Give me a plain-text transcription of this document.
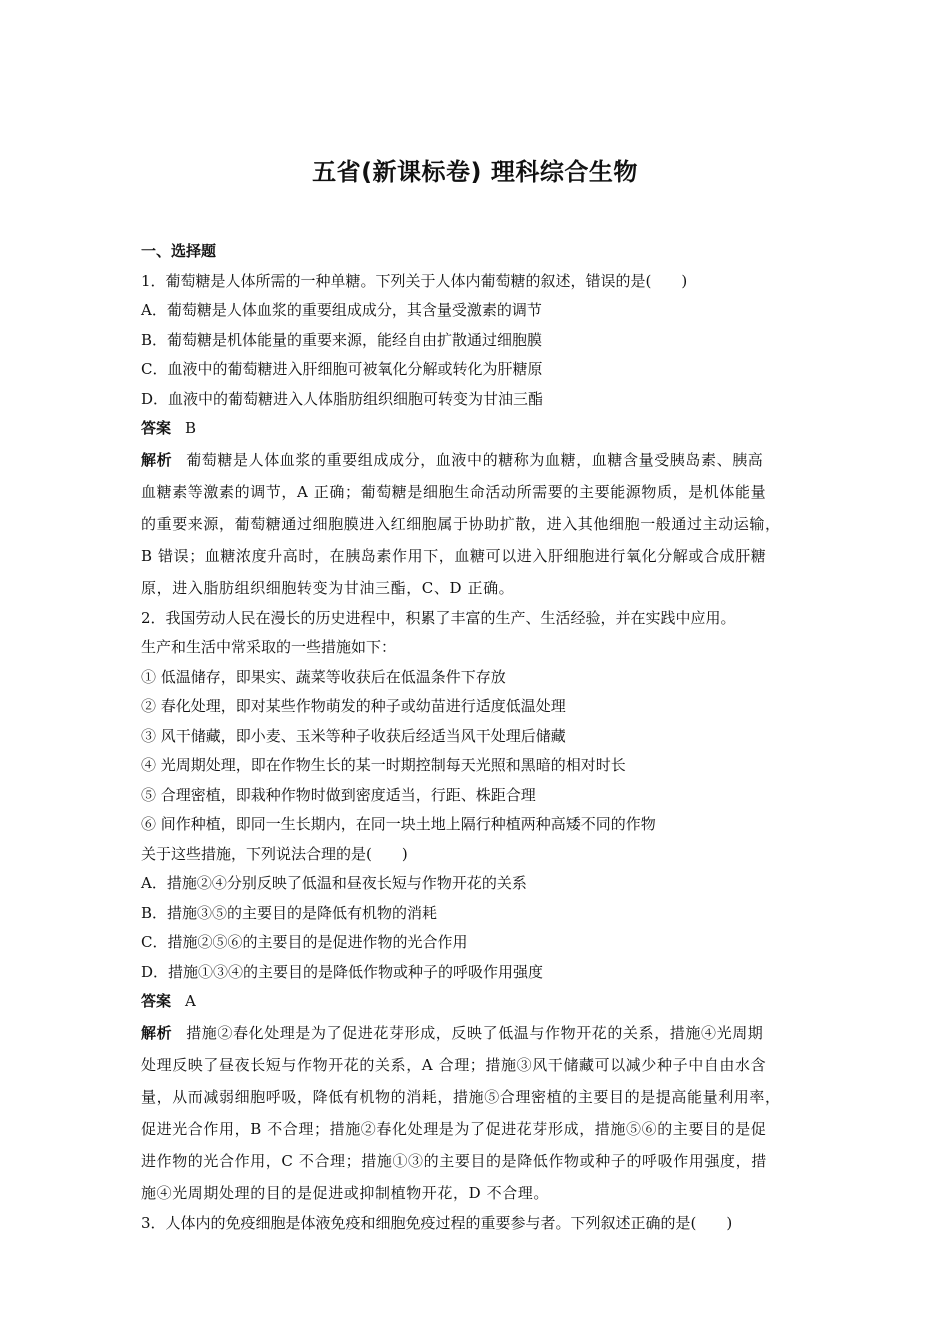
五省(新课标卷) 理科综合生物
一、选择题
1．葡萄糖是人体所需的一种单糖。下列关于人体内葡萄糖的叙述，错误的是(　　)
A．葡萄糖是人体血浆的重要组成成分，其含量受激素的调节
B．葡萄糖是机体能量的重要来源，能经自由扩散通过细胞膜
C．血液中的葡萄糖进入肝细胞可被氧化分解或转化为肝糖原
D．血液中的葡萄糖进入人体脂肪组织细胞可转变为甘油三酯
答案 B
解析 葡萄糖是人体血浆的重要组成成分，血液中的糖称为血糖，血糖含量受胰岛素、胰高
血糖素等激素的调节，A 正确；葡萄糖是细胞生命活动所需要的主要能源物质，是机体能量
的重要来源，葡萄糖通过细胞膜进入红细胞属于协助扩散，进入其他细胞一般通过主动运输，
B 错误；血糖浓度升高时，在胰岛素作用下，血糖可以进入肝细胞进行氧化分解或合成肝糖
原，进入脂肪组织细胞转变为甘油三酯，C、D 正确。
2．我国劳动人民在漫长的历史进程中，积累了丰富的生产、生活经验，并在实践中应用。
生产和生活中常采取的一些措施如下：
① 低温储存，即果实、蔬菜等收获后在低温条件下存放
② 春化处理，即对某些作物萌发的种子或幼苗进行适度低温处理
③ 风干储藏，即小麦、玉米等种子收获后经适当风干处理后储藏
④ 光周期处理，即在作物生长的某一时期控制每天光照和黑暗的相对时长
⑤ 合理密植，即栽种作物时做到密度适当，行距、株距合理
⑥ 间作种植，即同一生长期内，在同一块土地上隔行种植两种高矮不同的作物
关于这些措施，下列说法合理的是(　　)
A．措施②④分别反映了低温和昼夜长短与作物开花的关系
B．措施③⑤的主要目的是降低有机物的消耗
C．措施②⑤⑥的主要目的是促进作物的光合作用
D．措施①③④的主要目的是降低作物或种子的呼吸作用强度
答案 A
解析 措施②春化处理是为了促进花芽形成，反映了低温与作物开花的关系，措施④光周期
处理反映了昼夜长短与作物开花的关系，A 合理；措施③风干储藏可以减少种子中自由水含
量，从而减弱细胞呼吸，降低有机物的消耗，措施⑤合理密植的主要目的是提高能量利用率，
促进光合作用，B 不合理；措施②春化处理是为了促进花芽形成，措施⑤⑥的主要目的是促
进作物的光合作用，C 不合理；措施①③的主要目的是降低作物或种子的呼吸作用强度，措
施④光周期处理的目的是促进或抑制植物开花，D 不合理。
3．人体内的免疫细胞是体液免疫和细胞免疫过程的重要参与者。下列叙述正确的是(　　)
